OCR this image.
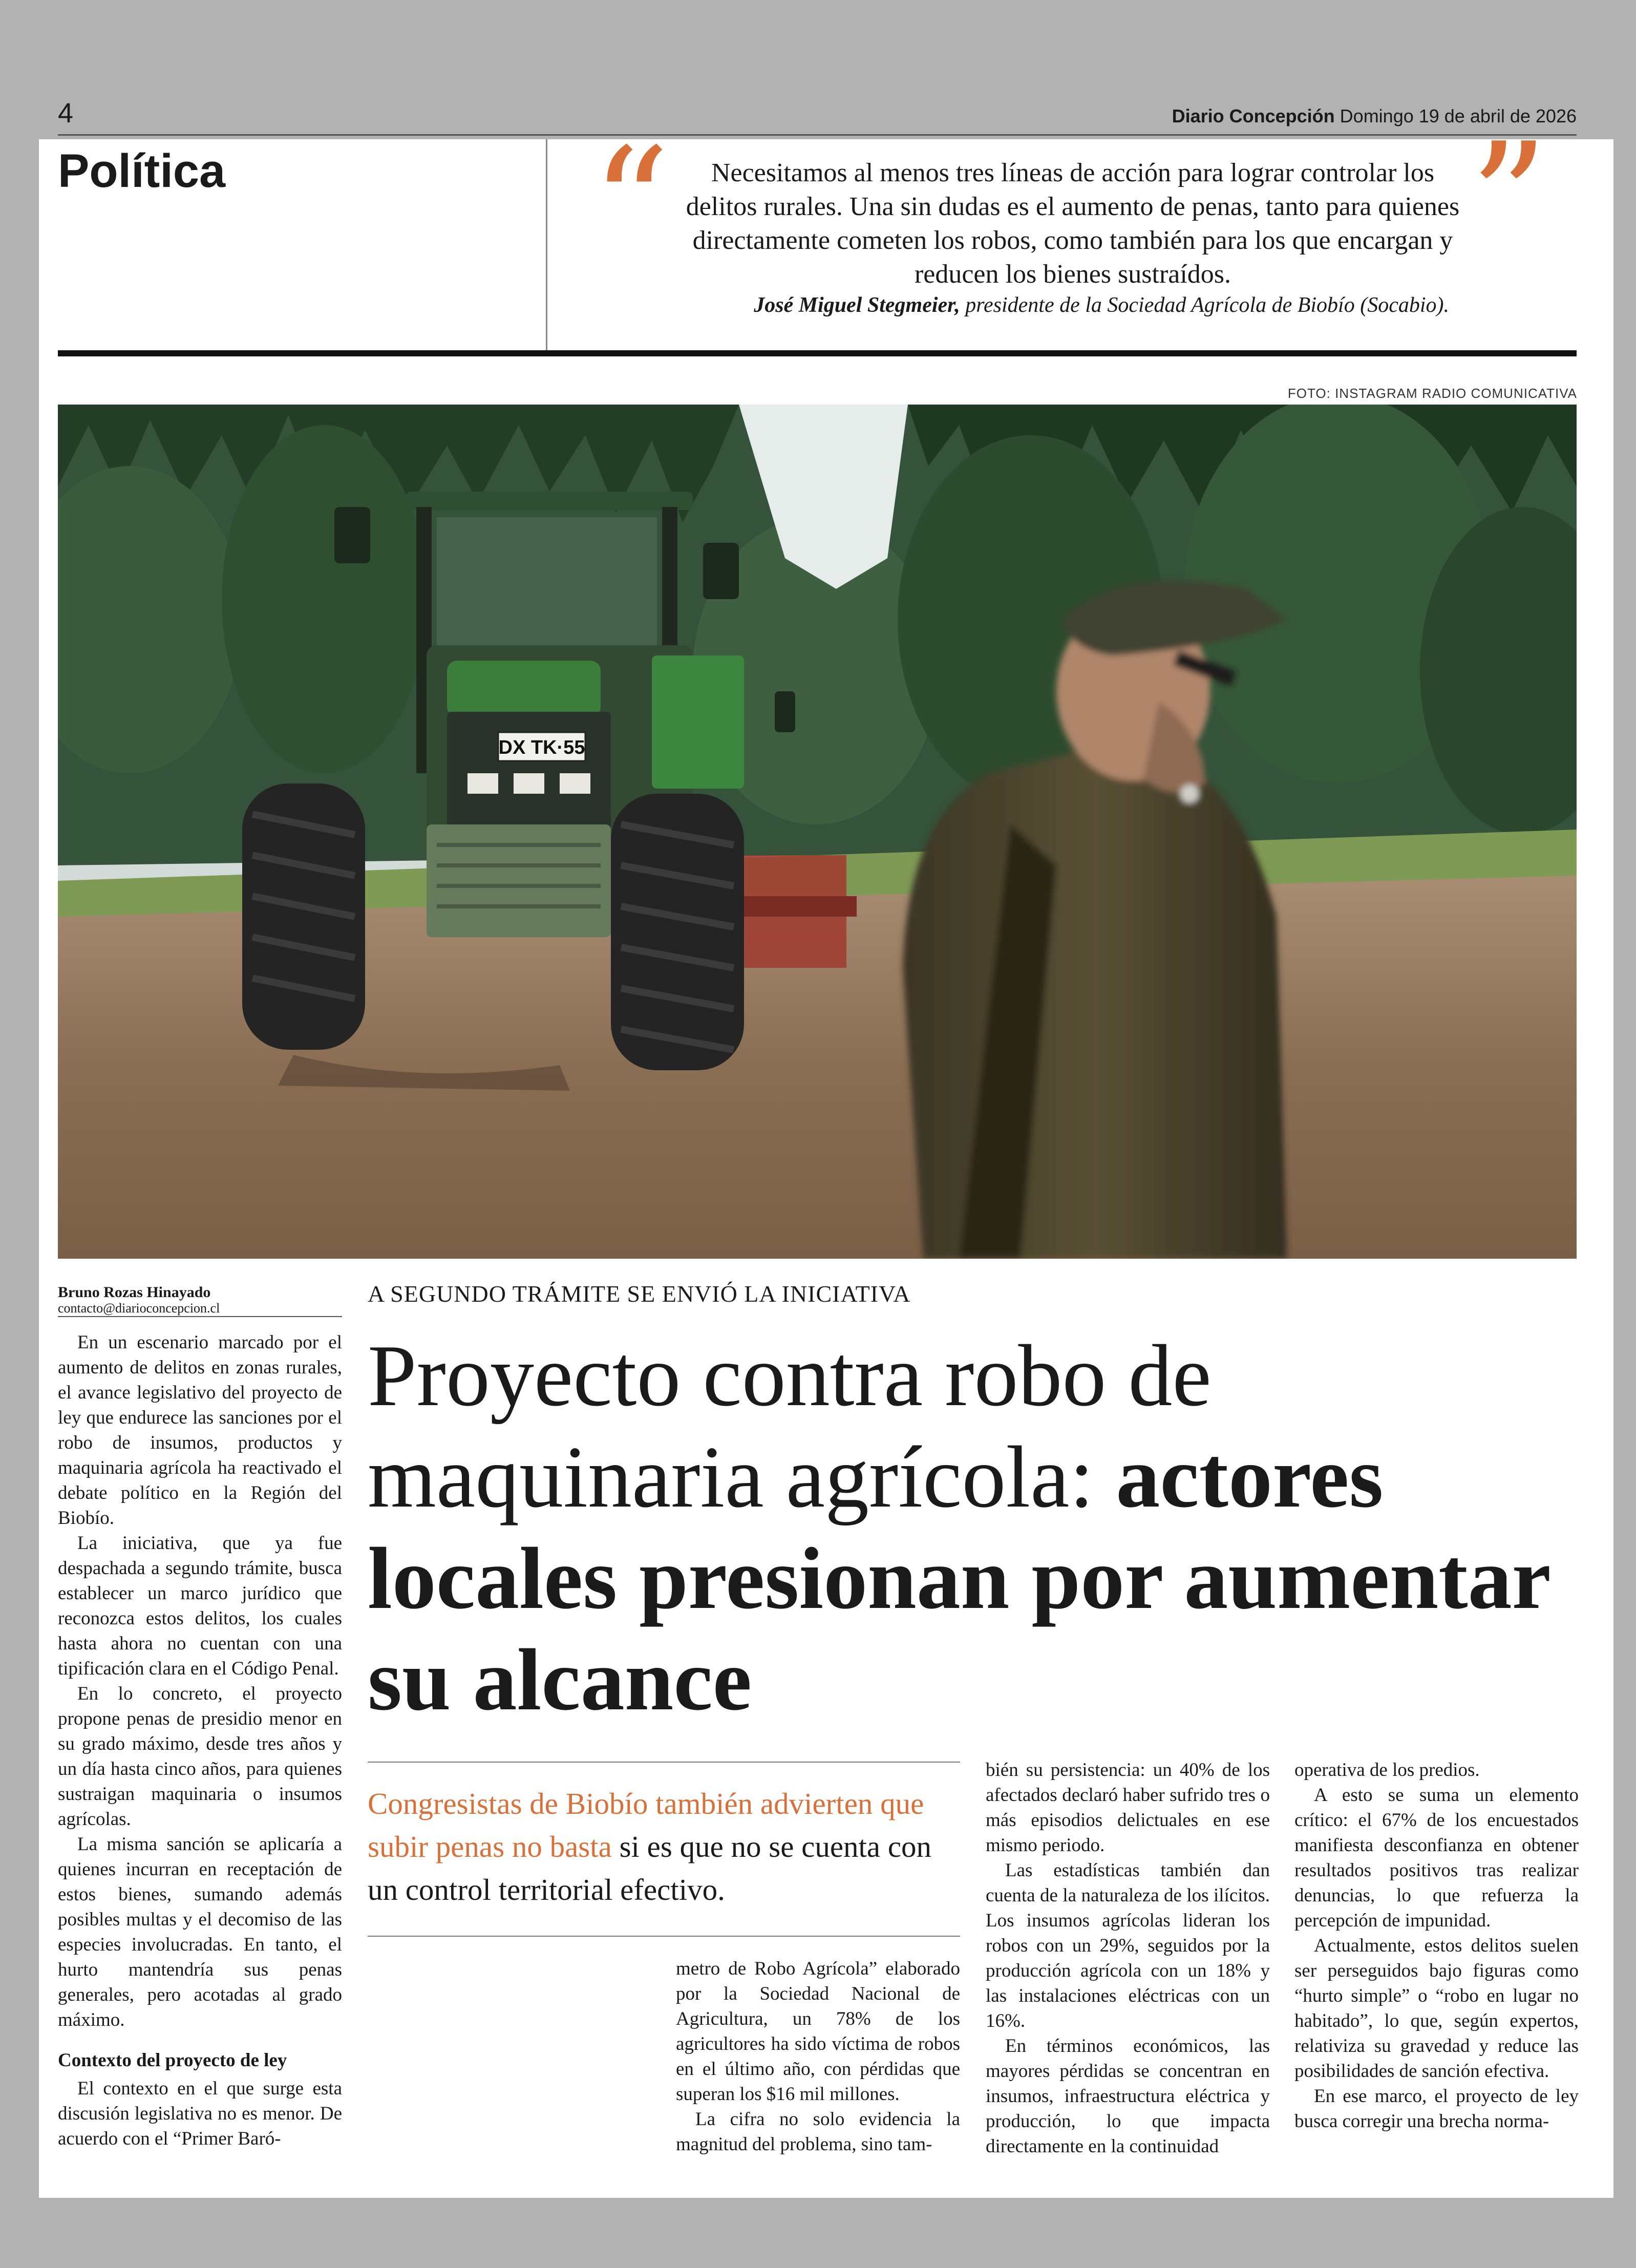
4	Diario Concepción Domingo 19 de abril de 2026
Política “	Necesitamos al menos tres líneas de acción para lograr controlar los delitos rurales. Una sin dudas es el aumento de penas, tanto para quienes directamente cometen los robos, como también para los que encargan y reducen los bienes sustraídos.	”
José Miguel Stegmeier, presidente de la Sociedad Agrícola de Biobío (Socabio).
FOTO: INSTAGRAM RADIO COMUNICATIVA
DX TK·55
Bruno Rozas Hinayado
contacto@diarioconcepcion.cl
A SEGUNDO TRÁMITE SE ENVIÓ LA INICIATIVA
Proyecto contra robo de maquinaria agrícola: actores locales presionan por aumentar su alcance
Congresistas de Biobío también advierten que subir penas no basta si es que no se cuenta con un control territorial efectivo.

En un escenario marcado por el aumento de delitos en zonas rurales, el avance legislativo del proyecto de ley que endurece las sanciones por el robo de insumos, productos y maquinaria agrícola ha reactivado el debate político en la Región del Biobío.

La iniciativa, que ya fue despachada a segundo trámite, busca establecer un marco jurídico que reconozca estos delitos, los cuales hasta ahora no cuentan con una tipificación clara en el Código Penal.

En lo concreto, el proyecto propone penas de presidio menor en su grado máximo, desde tres años y un día hasta cinco años, para quienes sustraigan maquinaria o insumos agrícolas.

La misma sanción se aplicaría a quienes incurran en receptación de estos bienes, sumando además posibles multas y el decomiso de las especies involucradas. En tanto, el hurto mantendría sus penas generales, pero acotadas al grado máximo.

Contexto del proyecto de ley

El contexto en el que surge esta discusión legislativa no es menor. De acuerdo con el “Primer Baró-

metro de Robo Agrícola” elaborado por la Sociedad Nacional de Agricultura, un 78% de los agricultores ha sido víctima de robos en el último año, con pérdidas que superan los $16 mil millones.

La cifra no solo evidencia la magnitud del problema, sino tam-

bién su persistencia: un 40% de los afectados declaró haber sufrido tres o más episodios delictuales en ese mismo periodo.

Las estadísticas también dan cuenta de la naturaleza de los ilícitos. Los insumos agrícolas lideran los robos con un 29%, seguidos por la producción agrícola con un 18% y las instalaciones eléctricas con un 16%.

En términos económicos, las mayores pérdidas se concentran en insumos, infraestructura eléctrica y producción, lo que impacta directamente en la continuidad

operativa de los predios.

A esto se suma un elemento crítico: el 67% de los encuestados manifiesta desconfianza en obtener resultados positivos tras realizar denuncias, lo que refuerza la percepción de impunidad.

Actualmente, estos delitos suelen ser perseguidos bajo figuras como “hurto simple” o “robo en lugar no habitado”, lo que, según expertos, relativiza su gravedad y reduce las posibilidades de sanción efectiva.

En ese marco, el proyecto de ley busca corregir una brecha norma-
